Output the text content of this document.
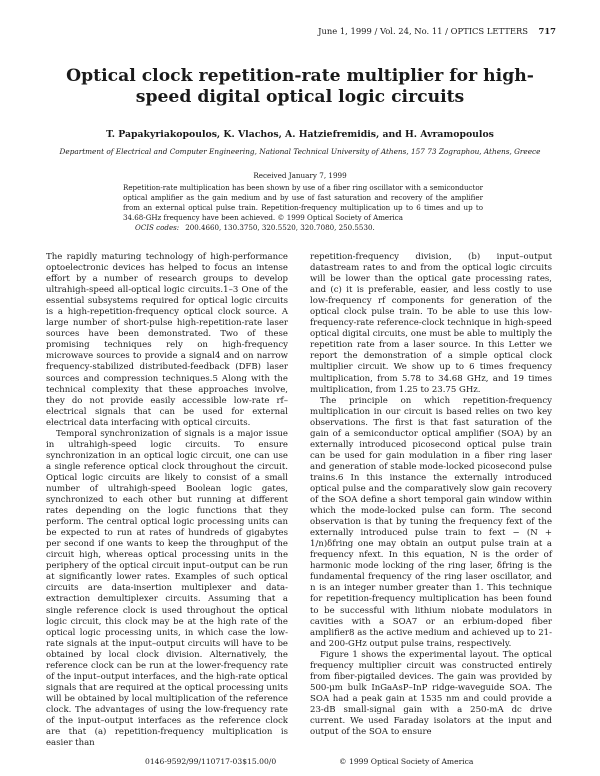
June 1, 1999 / Vol. 24, No. 11 / OPTICS LETTERS 717
Optical clock repetition-rate multiplier for high-speed digital optical logic circuits
T. Papakyriakopoulos, K. Vlachos, A. Hatziefremidis, and H. Avramopoulos
Department of Electrical and Computer Engineering, National Technical University of Athens, 157 73 Zographou, Athens, Greece
Received January 7, 1999
Repetition-rate multiplication has been shown by use of a fiber ring oscillator with a semiconductor optical amplifier as the gain medium and by use of fast saturation and recovery of the amplifier from an external optical pulse train. Repetition-frequency multiplication up to 6 times and up to 34.68-GHz frequency have been achieved. © 1999 Optical Society of America
OCIS codes: 200.4660, 130.3750, 320.5520, 320.7080, 250.5530.

The rapidly maturing technology of high-performance optoelectronic devices has helped to focus an intense effort by a number of research groups to develop ultrahigh-speed all-optical logic circuits.1–3 One of the essential subsystems required for optical logic circuits is a high-repetition-frequency optical clock source. A large number of short-pulse high-repetition-rate laser sources have been demonstrated. Two of these promising techniques rely on high-frequency microwave sources to provide a signal4 and on narrow frequency-stabilized distributed-feedback (DFB) laser sources and compression techniques.5 Along with the technical complexity that these approaches involve, they do not provide easily accessible low-rate rf–electrical signals that can be used for external electrical data interfacing with optical circuits.

Temporal synchronization of signals is a major issue in ultrahigh-speed logic circuits. To ensure synchronization in an optical logic circuit, one can use a single reference optical clock throughout the circuit. Optical logic circuits are likely to consist of a small number of ultrahigh-speed Boolean logic gates, synchronized to each other but running at different rates depending on the logic functions that they perform. The central optical logic processing units can be expected to run at rates of hundreds of gigabytes per second if one wants to keep the throughput of the circuit high, whereas optical processing units in the periphery of the optical circuit input–output can be run at significantly lower rates. Examples of such optical circuits are data-insertion multiplexer and data-extraction demultiplexer circuits. Assuming that a single reference clock is used throughout the optical logic circuit, this clock may be at the high rate of the optical logic processing units, in which case the low-rate signals at the input–output circuits will have to be obtained by local clock division. Alternatively, the reference clock can be run at the lower-frequency rate of the input–output interfaces, and the high-rate optical signals that are required at the optical processing units will be obtained by local multiplication of the reference clock. The advantages of using the low-frequency rate of the input–output interfaces as the reference clock are that (a) repetition-frequency multiplication is easier than

repetition-frequency division, (b) input–output datastream rates to and from the optical logic circuits will be lower than the optical gate processing rates, and (c) it is preferable, easier, and less costly to use low-frequency rf components for generation of the optical clock pulse train. To be able to use this low-frequency-rate reference-clock technique in high-speed optical digital circuits, one must be able to multiply the repetition rate from a laser source. In this Letter we report the demonstration of a simple optical clock multiplier circuit. We show up to 6 times frequency multiplication, from 5.78 to 34.68 GHz, and 19 times multiplication, from 1.25 to 23.75 GHz.

The principle on which repetition-frequency multiplication in our circuit is based relies on two key observations. The first is that fast saturation of the gain of a semiconductor optical amplifier (SOA) by an externally introduced picosecond optical pulse train can be used for gain modulation in a fiber ring laser and generation of stable mode-locked picosecond pulse trains.6 In this instance the externally introduced optical pulse and the comparatively slow gain recovery of the SOA define a short temporal gain window within which the mode-locked pulse can form. The second observation is that by tuning the frequency fext of the externally introduced pulse train to fext − (N + 1/n)δfring one may obtain an output pulse train at a frequency nfext. In this equation, N is the order of harmonic mode locking of the ring laser, δfring is the fundamental frequency of the ring laser oscillator, and n is an integer number greater than 1. This technique for repetition-frequency multiplication has been found to be successful with lithium niobate modulators in cavities with a SOA7 or an erbium-doped fiber amplifier8 as the active medium and achieved up to 21- and 200-GHz output pulse trains, respectively.

Figure 1 shows the experimental layout. The optical frequency multiplier circuit was constructed entirely from fiber-pigtailed devices. The gain was provided by 500-μm bulk InGaAsP–InP ridge-waveguide SOA. The SOA had a peak gain at 1535 nm and could provide a 23-dB small-signal gain with a 250-mA dc drive current. We used Faraday isolators at the input and output of the SOA to ensure

0146-9592/99/110717-03$15.00/0	© 1999 Optical Society of America
